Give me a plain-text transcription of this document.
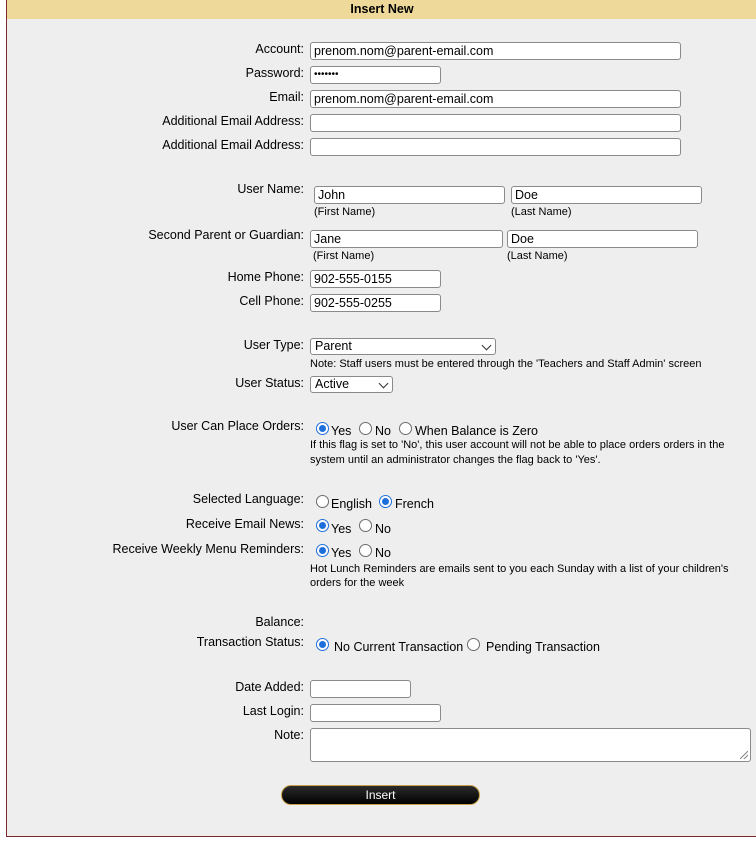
Insert New
Account: prenom.nom@parent-email.com
Password:	•••••••
Email: prenom.nom@parent-email.com
Additional Email Address:
Additional Email Address:
User Name:	John	Doe
(First Name)	(Last Name)
Second Parent or Guardian: Jane	Doe
(First Name)	(Last Name)
Home Phone: 902-555-0155
Cell Phone: 902-555-0255
User Type: Parent
Note: Staff users must be entered through the 'Teachers and Staff Admin' screen
User Status: Active
User Can Place Orders: Yes No When Balance is Zero
If this flag is set to 'No', this user account will not be able to place orders orders in the
system until an administrator changes the flag back to 'Yes'.
Selected Language: English French
Receive Email News: Yes No
Receive Weekly Menu Reminders: Yes No
Hot Lunch Reminders are emails sent to you each Sunday with a list of your children's
orders for the week
Balance:
Transaction Status: No Current Transaction Pending Transaction
Date Added:
Last Login:
Note:
Insert
